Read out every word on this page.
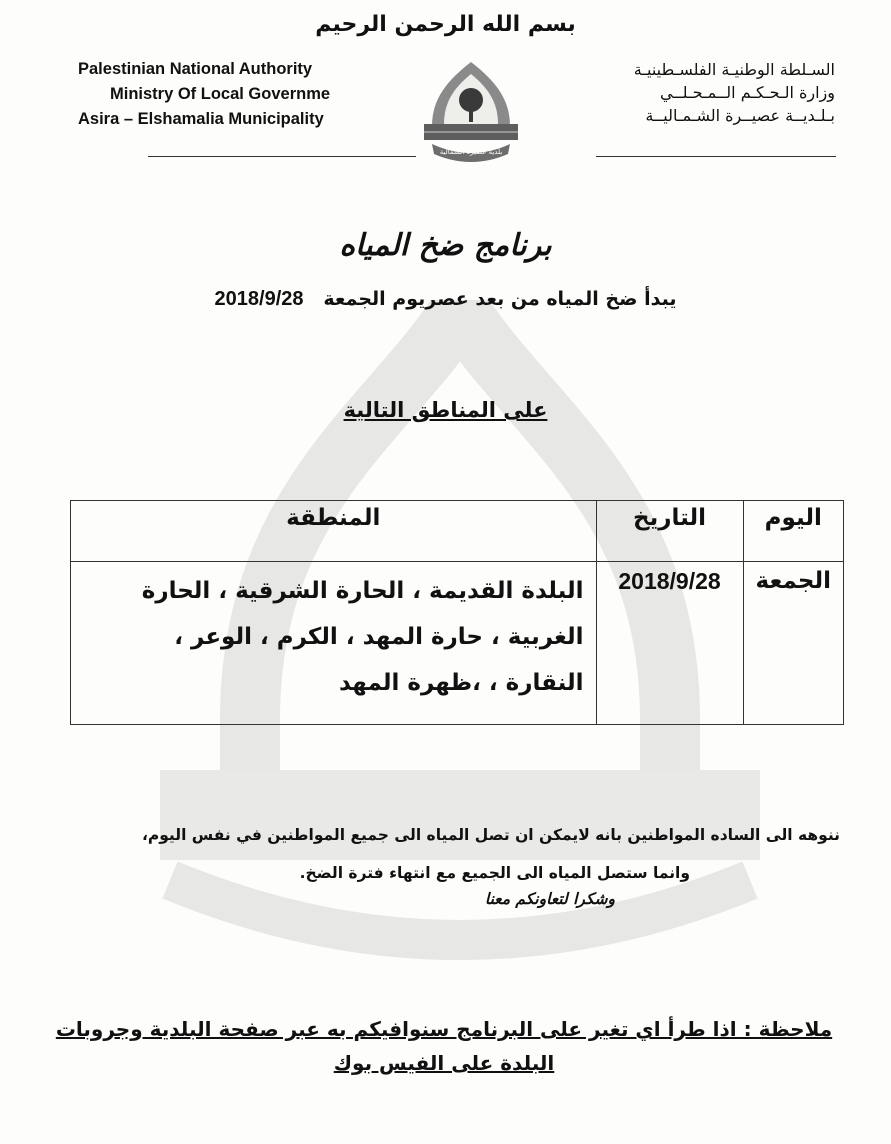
بسم الله الرحمن الرحيم
Palestinian National Authority
Ministry Of Local Governme
Asira – Elshamalia Municipality
السـلطة الوطنيـة الفلسـطينيـة
وزارة الـحـكـم الــمـحـلــي
بـلـديــة عصيــرة الشـمـاليــة
بلدية عصيرة الشمالية
برنامج ضخ المياه
يبدأ ضخ المياه من بعد عصريوم الجمعة   2018/9/28
على المناطق التالية
اليوم	التاريخ	المنطقة
الجمعة	2018/9/28	البلدة القديمة ، الحارة الشرقية ، الحارة
الغربية ، حارة المهد ، الكرم ، الوعر ،
النقارة ، ،ظهرة المهد
ننوهه الى الساده المواطنين بانه لايمكن ان تصل المياه الى جميع المواطنين في نفس اليوم،
وانما ستصل المياه الى الجميع مع انتهاء فترة الضخ.
وشكرا لتعاونكم معنا
ملاحظة : اذا طرأ اي تغير على البرنامج سنوافيكم به عبر صفحة البلدية وجروبات
البلدة على الفيس بوك
